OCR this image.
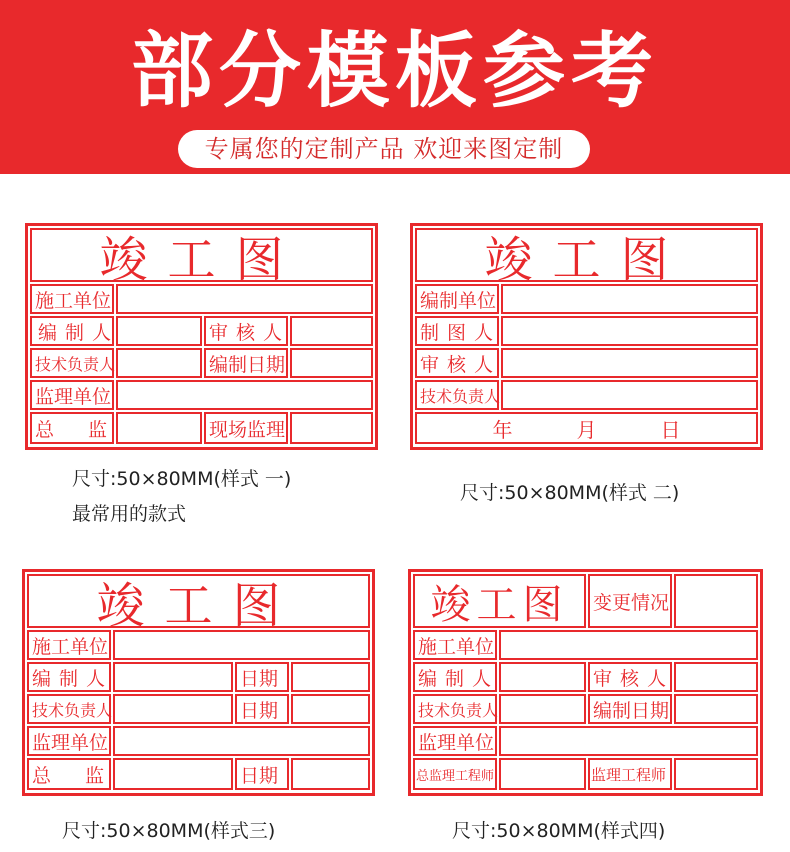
部分模板参考
专属您的定制产品 欢迎来图定制
竣工图
施工单位
编制人	审核人
技术负责人	编制日期
监理单位
总监	现场监理
尺寸:50×80MM(样式 一)
最常用的款式
竣工图
编制单位
制图人
审核人
技术负责人
年月日
尺寸:50×80MM(样式 二)
竣工图
施工单位
编制人	日期
技术负责人	日期
监理单位
总监	日期
尺寸:50×80MM(样式三)
竣工图	变更情况
施工单位
编制人	审核人
技术负责人	编制日期
监理单位
总监理工程师	监理工程师
尺寸:50×80MM(样式四)
